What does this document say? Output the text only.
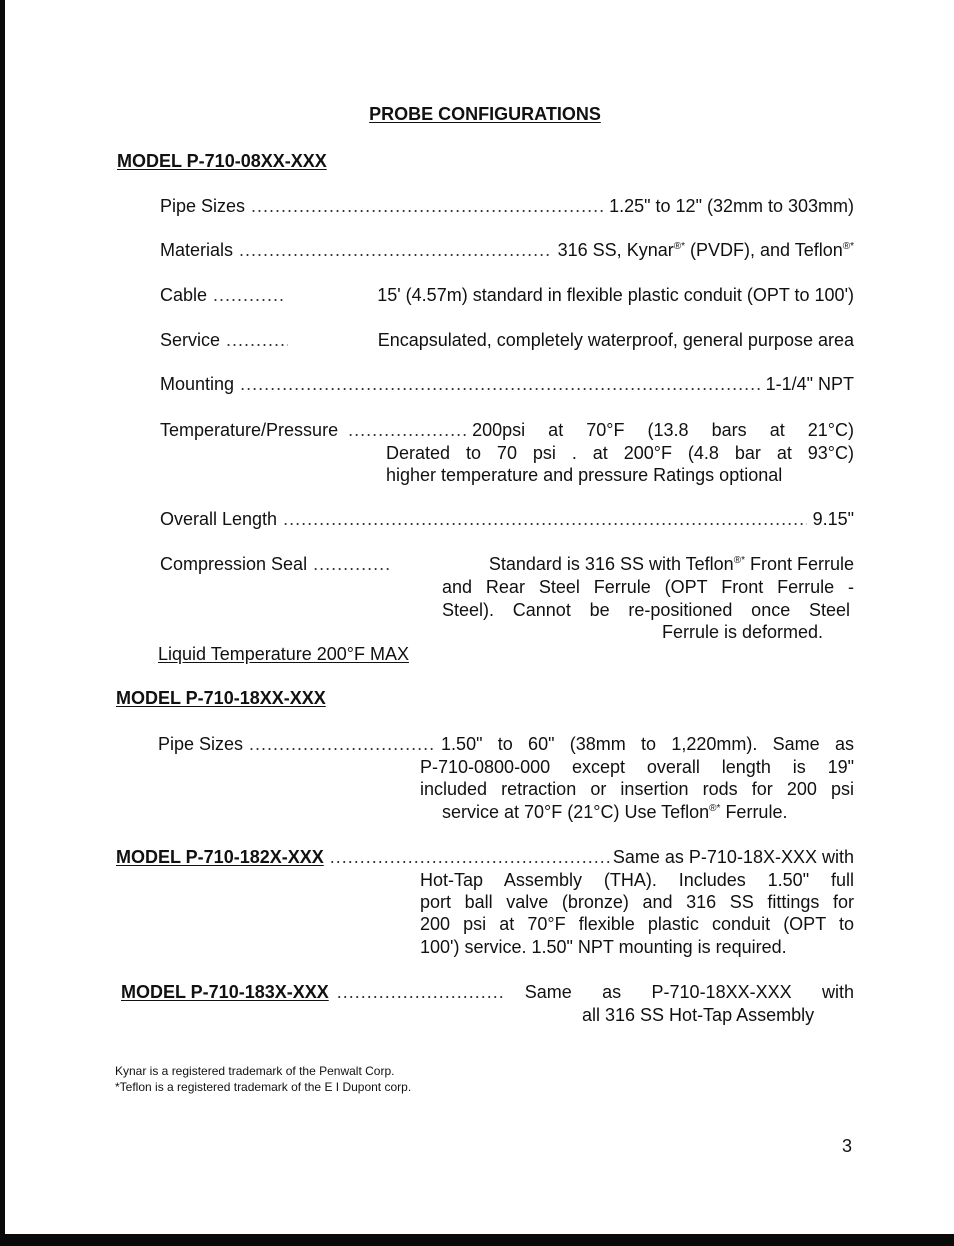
PROBE CONFIGURATIONS
MODEL P-710-08XX-XXX
Pipe Sizes .....	1.25" to 12" (32mm to 303mm)
Materials .....	316 SS, Kynar®* (PVDF), and Teflon®*
Cable .....	15' (4.57m) standard in flexible plastic conduit (OPT to 100')
Service .....	Encapsulated, completely waterproof, general purpose area
Mounting .....	1-1/4" NPT
Temperature/Pressure .....	200psi at 70°F (13.8 bars at 21°C)
Derated to 70 psi . at 200°F (4.8 bar at 93°C)
higher temperature and pressure Ratings optional
Overall Length .....	9.15"
Compression Seal .....	Standard is 316 SS with Teflon®* Front Ferrule
and Rear Steel Ferrule (OPT Front Ferrule -
Steel). Cannot be re-positioned once Steel
Ferrule is deformed.
Liquid Temperature 200°F MAX
MODEL P-710-18XX-XXX
Pipe Sizes .....	1.50" to 60" (38mm to 1,220mm). Same as
P-710-0800-000 except overall length is 19"
included retraction or insertion rods for 200 psi
service at 70°F (21°C) Use Teflon®* Ferrule.
MODEL P-710-182X-XXX .....	Same as P-710-18X-XXX with
Hot-Tap Assembly (THA). Includes 1.50" full
port ball valve (bronze) and 316 SS fittings for
200 psi at 70°F flexible plastic conduit (OPT to
100') service. 1.50" NPT mounting is required.
MODEL P-710-183X-XXX .....	Same as P-710-18XX-XXX with
all 316 SS Hot-Tap Assembly
Kynar is a registered trademark of the Penwalt Corp.
*Teflon is a registered trademark of the E I Dupont corp.
3
